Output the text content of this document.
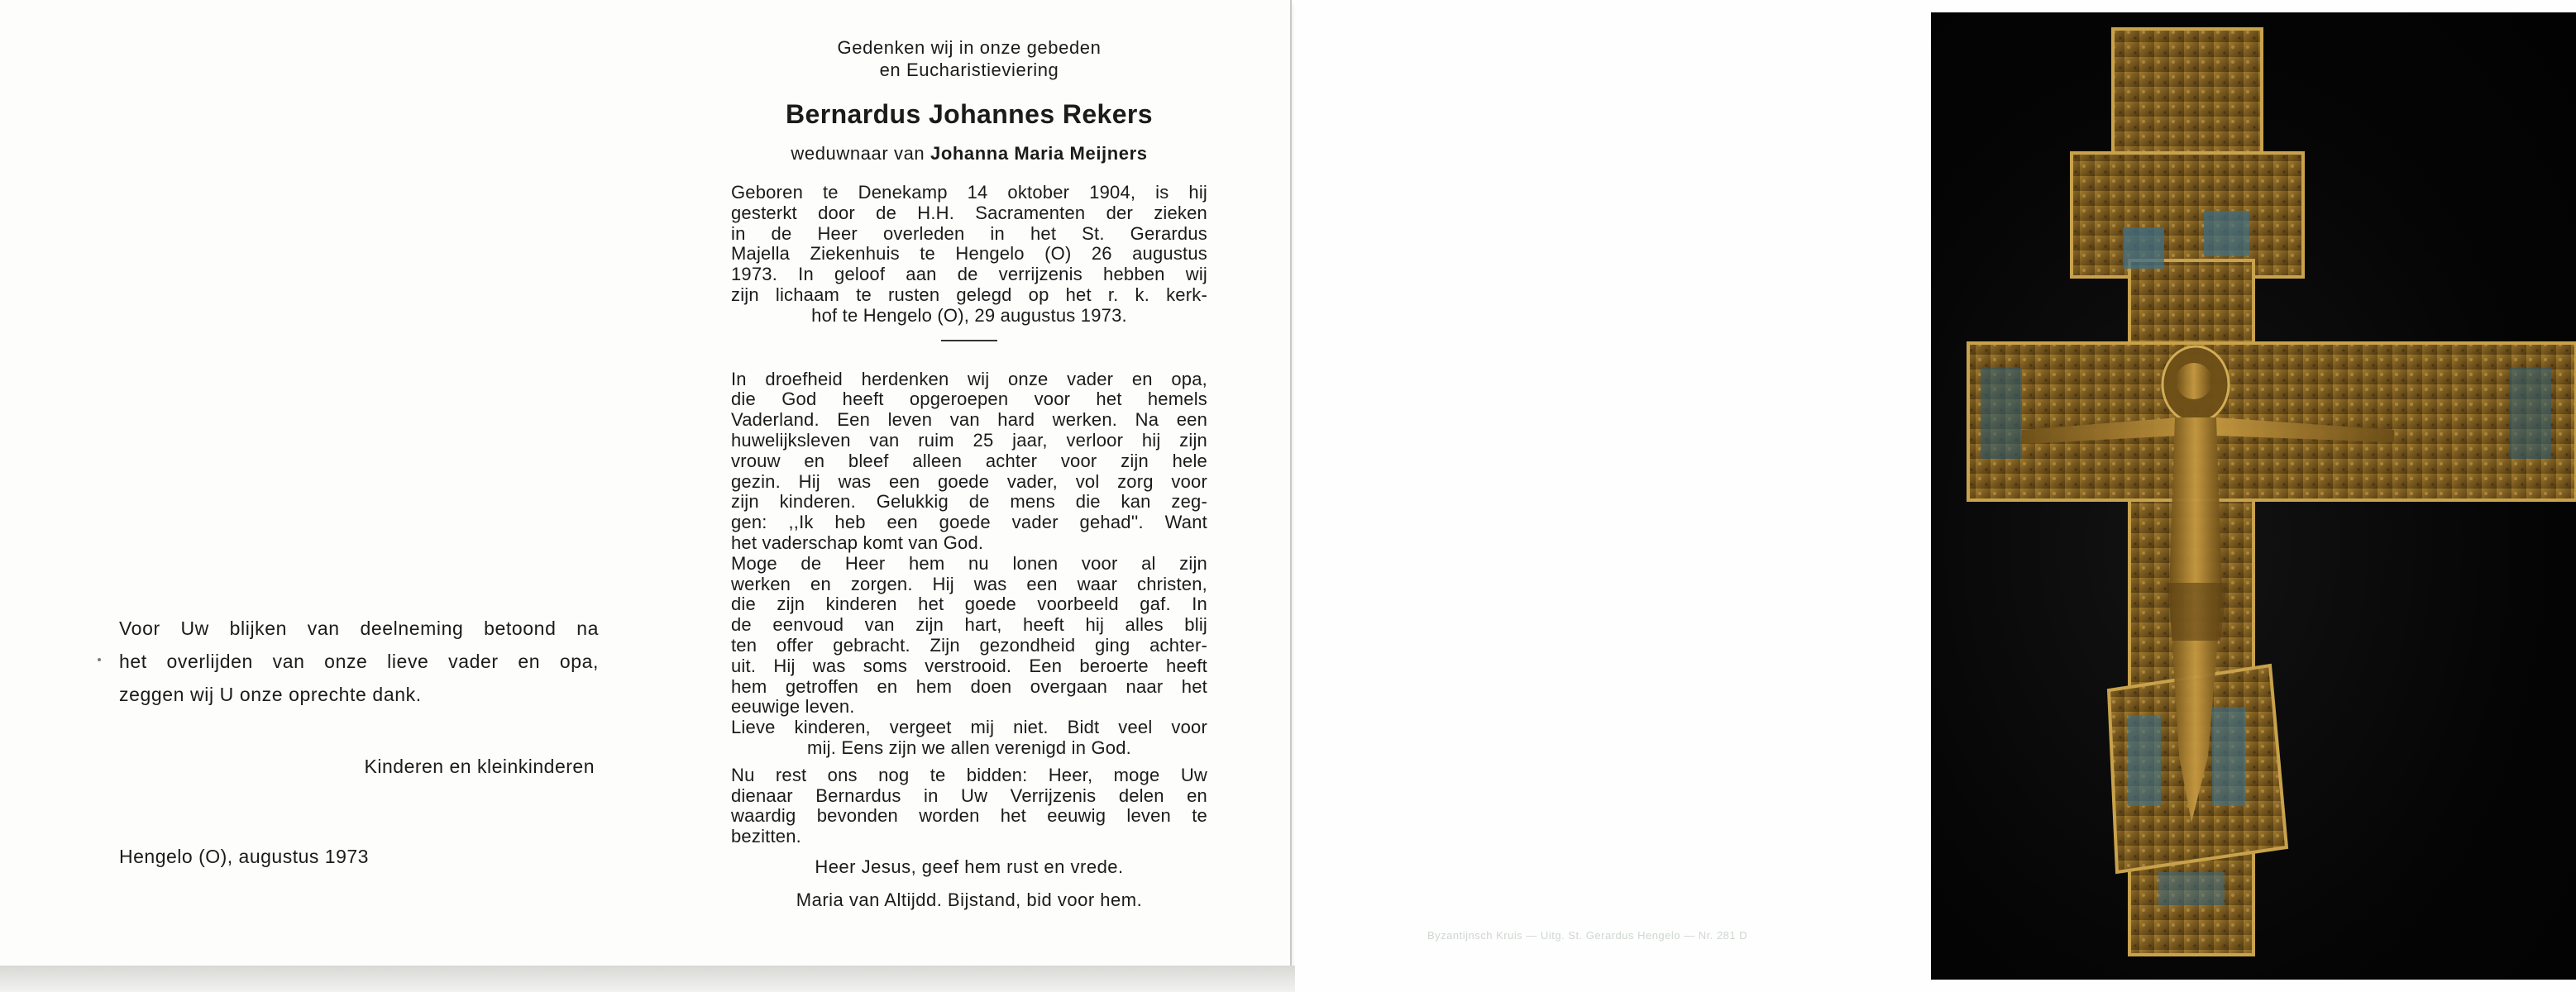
Voor Uw blijken van deelneming betoond na
het overlijden van onze lieve vader en opa,
zeggen wij U onze oprechte dank.
Kinderen en kleinkinderen
Hengelo (O), augustus 1973
Gedenken wij in onze gebeden
en Eucharistieviering
Bernardus Johannes Rekers
weduwnaar van Johanna Maria Meijners
Geboren te Denekamp 14 oktober 1904, is hij
gesterkt door de H.H. Sacramenten der zieken
in de Heer overleden in het St. Gerardus
Majella Ziekenhuis te Hengelo (O) 26 augustus
1973. In geloof aan de verrijzenis hebben wij
zijn lichaam te rusten gelegd op het r. k. kerk-
hof te Hengelo (O), 29 augustus 1973.
In droefheid herdenken wij onze vader en opa,
die God heeft opgeroepen voor het hemels
Vaderland. Een leven van hard werken. Na een
huwelijksleven van ruim 25 jaar, verloor hij zijn
vrouw en bleef alleen achter voor zijn hele
gezin. Hij was een goede vader, vol zorg voor
zijn kinderen. Gelukkig de mens die kan zeg-
gen: ,,Ik heb een goede vader gehad''. Want
het vaderschap komt van God.
Moge de Heer hem nu lonen voor al zijn
werken en zorgen. Hij was een waar christen,
die zijn kinderen het goede voorbeeld gaf. In
de eenvoud van zijn hart, heeft hij alles blij
ten offer gebracht. Zijn gezondheid ging achter-
uit. Hij was soms verstrooid. Een beroerte heeft
hem getroffen en hem doen overgaan naar het
eeuwige leven.
Lieve kinderen, vergeet mij niet. Bidt veel voor
mij. Eens zijn we allen verenigd in God.
Nu rest ons nog te bidden: Heer, moge Uw
dienaar Bernardus in Uw Verrijzenis delen en
waardig bevonden worden het eeuwig leven te
bezitten.
Heer Jesus, geef hem rust en vrede.
Maria van Altijdd. Bijstand, bid voor hem.
Byzantijnsch Kruis — Uitg. St. Gerardus Hengelo — Nr. 281 D
